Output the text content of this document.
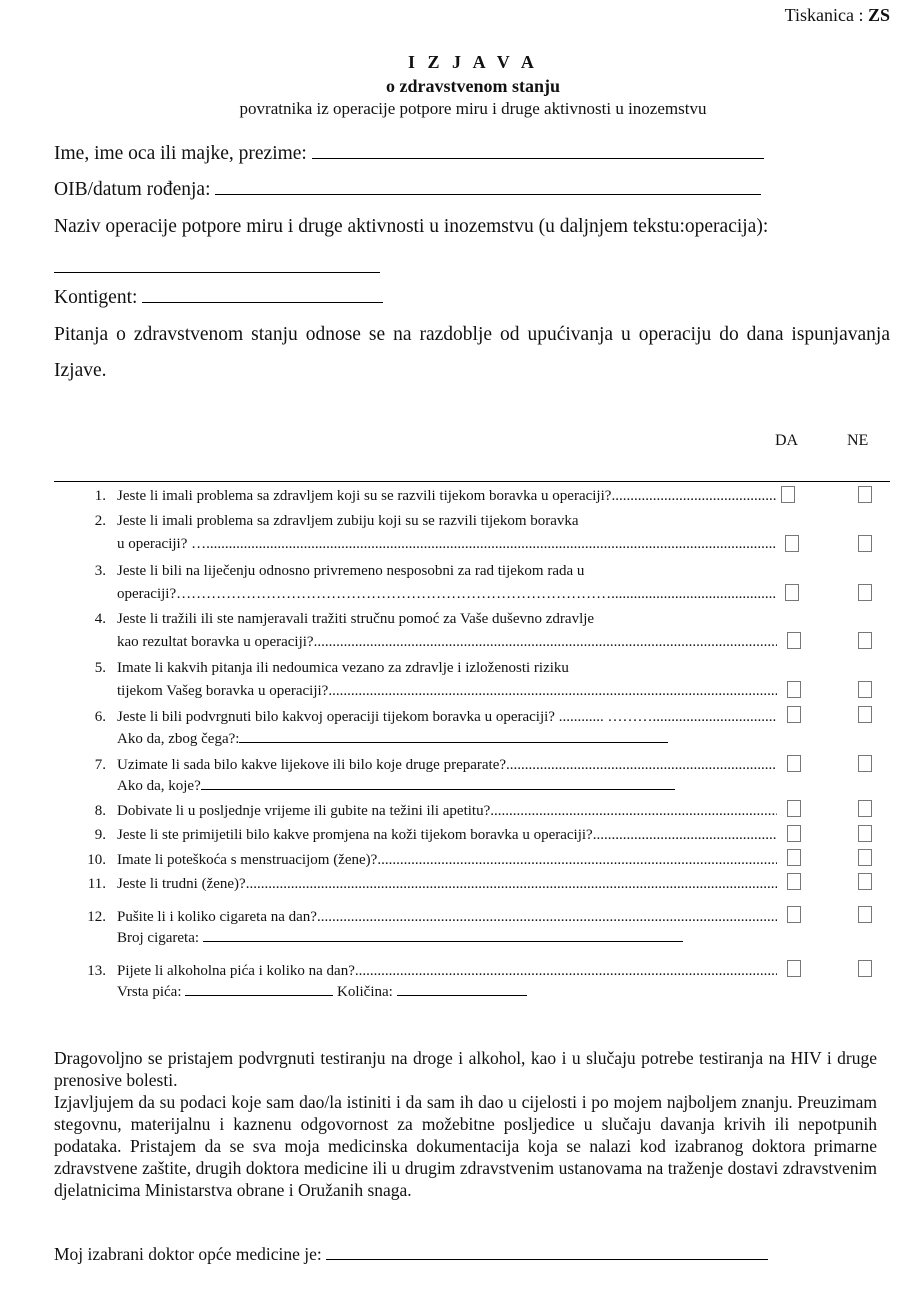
Tiskanica : ZS
I Z J A V A
o zdravstvenom stanju
povratnika iz operacije potpore miru i druge aktivnosti u inozemstvu
Ime, ime oca ili majke, prezime:
OIB/datum rođenja:
Naziv operacije potpore miru i druge aktivnosti u inozemstvu (u daljnjem tekstu:operacija):
Kontigent:
Pitanja o zdravstvenom stanju odnose se na razdoblje od upućivanja u operaciju do dana ispunjavanja Izjave.
DA	NE
1. Jeste li imali problema sa zdravljem koji su se razvili tijekom boravka u operaciji?
.....
2. Jeste li imali problema sa zdravljem zubiju koji su se razvili tijekom boravka
u operaciji? …
.....
3. Jeste li bili na liječenju odnosno privremeno nesposobni za rad tijekom rada u
operaciji?……………………………………………………………………………
.....
4. Jeste li tražili ili ste namjeravali tražiti stručnu pomoć za Vaše duševno zdravlje
kao rezultat boravka u operaciji?
.....
5. Imate li kakvih pitanja ili nedoumica vezano za zdravlje i izloženosti riziku
tijekom Vašeg boravka u operaciji?
.....
6. Jeste li bili podvrgnuti bilo kakvoj operaciji tijekom boravka u operaciji? ............ ………
.....
Ako da, zbog čega?:
7. Uzimate li sada bilo kakve lijekove ili bilo koje druge preparate?
.....
Ako da, koje?
8. Dobivate li u posljednje vrijeme ili gubite na težini ili apetitu?
.....
9. Jeste li ste primijetili bilo kakve promjena na koži tijekom boravka u operaciji?
.....
10. Imate li poteškoća s menstruacijom (žene)?
.....
11. Jeste li trudni (žene)?
.....
12. Pušite li i koliko cigareta na dan?
.....
Broj cigareta:
13. Pijete li alkoholna pića i koliko na dan?
.....
Vrsta pića:	Količina:

Dragovoljno se pristajem podvrgnuti testiranju na droge i alkohol, kao i u slučaju potrebe testiranja na HIV i druge prenosive bolesti.

Izjavljujem da su podaci koje sam dao/la istiniti i da sam ih dao u cijelosti i po mojem najboljem znanju. Preuzimam stegovnu, materijalnu i kaznenu odgovornost za možebitne posljedice u slučaju davanja krivih ili nepotpunih podataka. Pristajem da se sva moja medicinska dokumentacija koja se nalazi kod izabranog doktora primarne zdravstvene zaštite, drugih doktora medicine ili u drugim zdravstvenim ustanovama na traženje dostavi zdravstvenim djelatnicima Ministarstva obrane i Oružanih snaga.

Moj izabrani doktor opće medicine je:
